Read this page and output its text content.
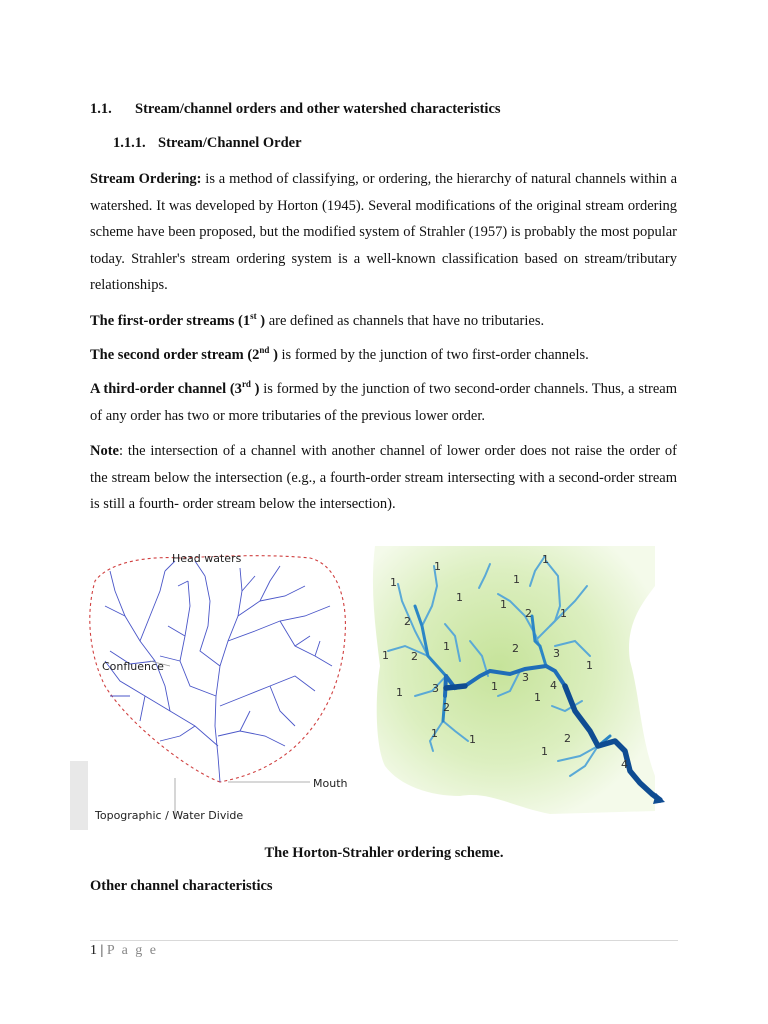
1.1. Stream/channel orders and other watershed characteristics
1.1.1. Stream/Channel Order
Stream Ordering: is a method of classifying, or ordering, the hierarchy of natural channels within a watershed. It was developed by Horton (1945). Several modifications of the original stream ordering scheme have been proposed, but the modified system of Strahler (1957) is probably the most popular today. Strahler's stream ordering system is a well-known classification based on stream/tributary relationships.
The first-order streams (1st ) are defined as channels that have no tributaries.
The second order stream (2nd ) is formed by the junction of two first-order channels.
A third-order channel (3rd ) is formed by the junction of two second-order channels. Thus, a stream of any order has two or more tributaries of the previous lower order.
Note: the intersection of a channel with another channel of lower order does not raise the order of the stream below the intersection (e.g., a fourth-order stream intersecting with a second-order stream is still a fourth- order stream below the intersection).
Head waters
Confluence
Mouth
Topographic / Water Divide
1
1
1
1
1
1
1
1
1
1	1
1
1
1	1
1
2
2
2
2
2
2
3
3
3
4
4
The Horton-Strahler ordering scheme.
Other channel characteristics
1 | P a g e
